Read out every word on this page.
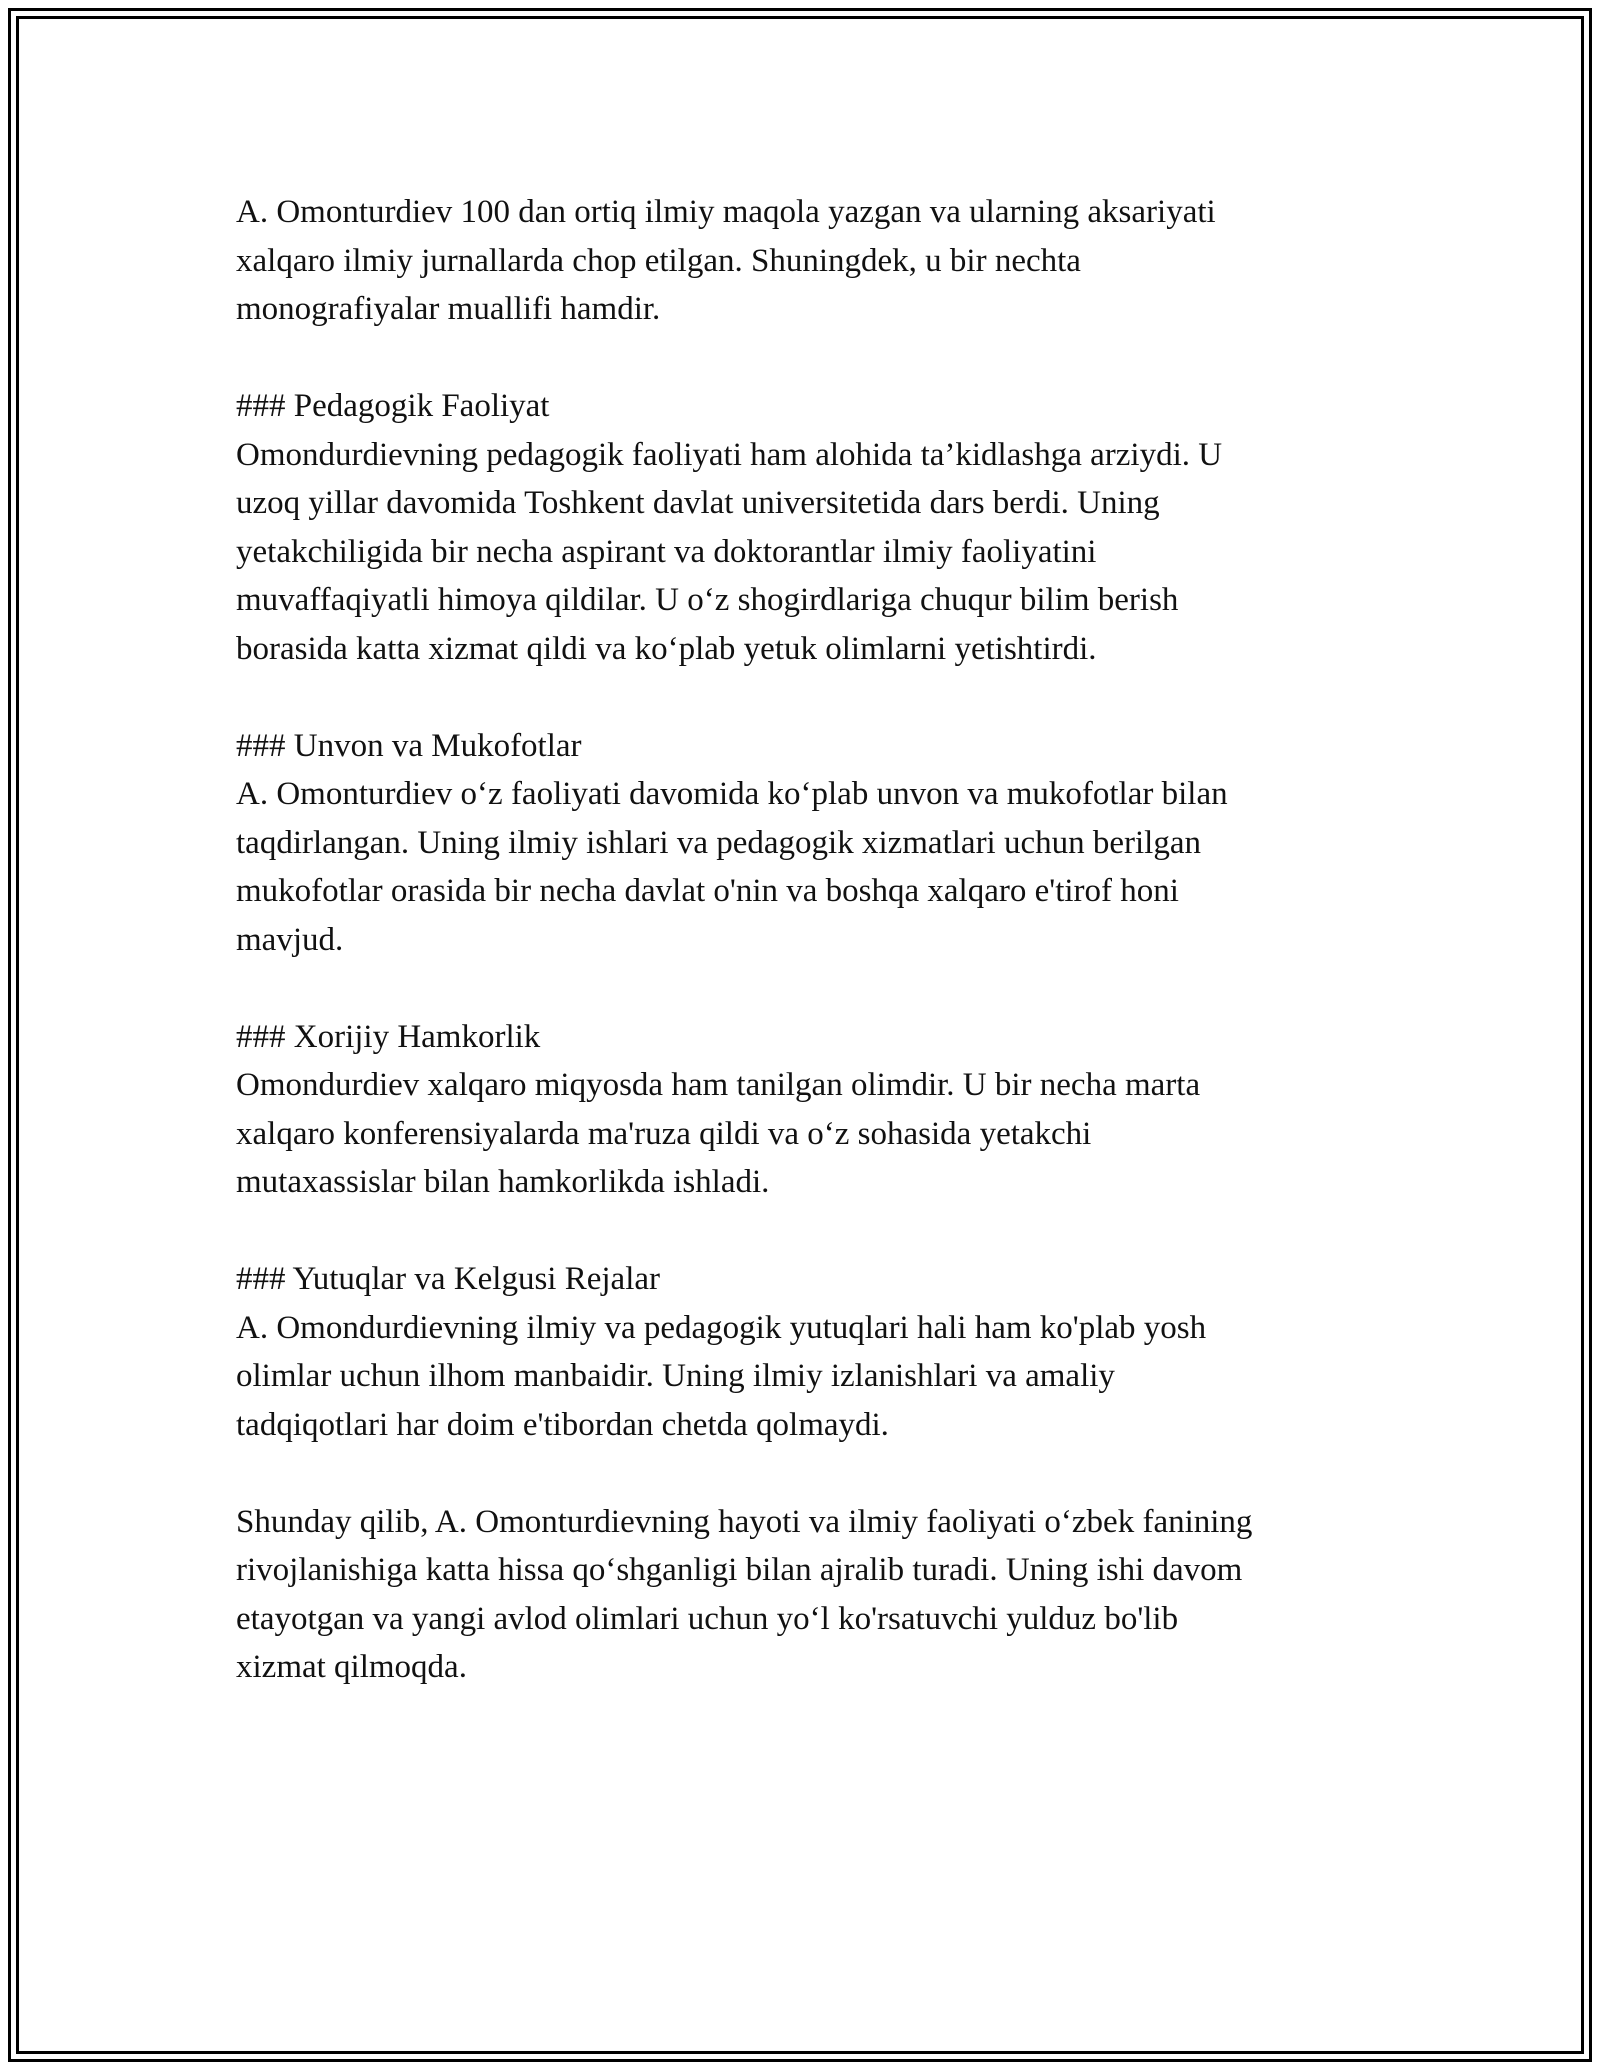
A. Omonturdiev 100 dan ortiq ilmiy maqola yazgan va ularning aksariyati
xalqaro ilmiy jurnallarda chop etilgan. Shuningdek, u bir nechta
monografiyalar muallifi hamdir.

### Pedagogik Faoliyat

Omondurdievning pedagogik faoliyati ham alohida ta’kidlashga arziydi. U
uzoq yillar davomida Toshkent davlat universitetida dars berdi. Uning
yetakchiligida bir necha aspirant va doktorantlar ilmiy faoliyatini
muvaffaqiyatli himoya qildilar. U o‘z shogirdlariga chuqur bilim berish
borasida katta xizmat qildi va ko‘plab yetuk olimlarni yetishtirdi.

### Unvon va Mukofotlar

A. Omonturdiev o‘z faoliyati davomida ko‘plab unvon va mukofotlar bilan
taqdirlangan. Uning ilmiy ishlari va pedagogik xizmatlari uchun berilgan
mukofotlar orasida bir necha davlat o'nin va boshqa xalqaro e'tirof honi
mavjud.

### Xorijiy Hamkorlik

Omondurdiev xalqaro miqyosda ham tanilgan olimdir. U bir necha marta
xalqaro konferensiyalarda ma'ruza qildi va o‘z sohasida yetakchi
mutaxassislar bilan hamkorlikda ishladi.

### Yutuqlar va Kelgusi Rejalar

A. Omondurdievning ilmiy va pedagogik yutuqlari hali ham ko'plab yosh
olimlar uchun ilhom manbaidir. Uning ilmiy izlanishlari va amaliy
tadqiqotlari har doim e'tibordan chetda qolmaydi.

Shunday qilib, A. Omonturdievning hayoti va ilmiy faoliyati o‘zbek fanining
rivojlanishiga katta hissa qo‘shganligi bilan ajralib turadi. Uning ishi davom
etayotgan va yangi avlod olimlari uchun yo‘l ko'rsatuvchi yulduz bo'lib
xizmat qilmoqda.
